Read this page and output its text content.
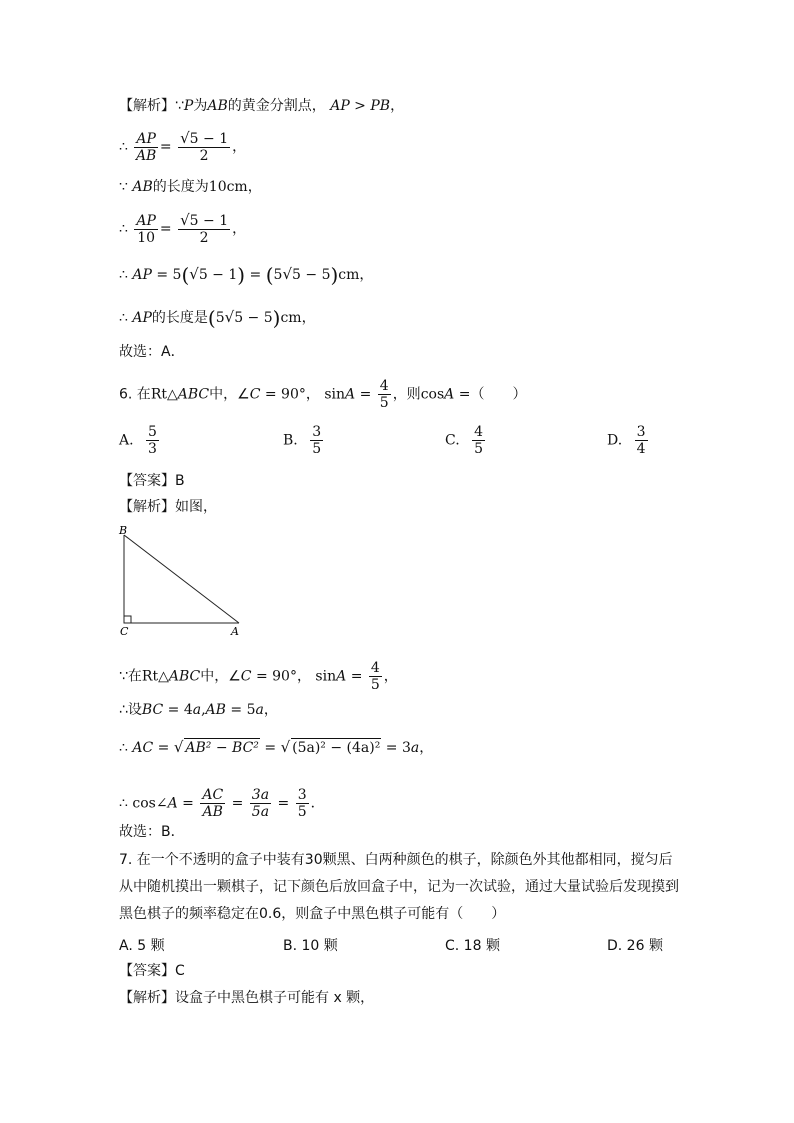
【解析】∵P为AB的黄金分割点， AP > PB，
∴ $\frac{AP}{AB} = \frac{√5 - 1}{2}$ ，
∵ AB的长度为10cm，
∴ $\frac{AP}{10} = \frac{√5 - 1}{2}$ ，
∴ AP = 5(√5 − 1) = (5√5 − 5)cm，
∴ AP的长度是(5√5 − 5)cm，
故选：A．
6. 在Rt△ABC中，∠C = 90°， $\sin A = \frac{4}{5}$ ，则cosA =（　　）
A. $\frac{5}{3}$	B. $\frac{3}{5}$	C. $\frac{4}{5}$	D. $\frac{3}{4}$
【答案】B
【解析】如图，
B
C	A
∵在Rt△ABC中，∠C = 90°， $\sin A = \frac{4}{5}$ ，
∴设BC = 4a,AB = 5a，
∴ AC = √ AB² − BC² = √ (5a)² − (4a)² = 3a，
∴ cos∠A = $\frac{AC}{AB} = \frac{3a}{5a} = \frac{3}{5}$ ．
故选：B．
7. 在一个不透明的盒子中装有30颗黑、白两种颜色的棋子，除颜色外其他都相同，搅匀后
从中随机摸出一颗棋子，记下颜色后放回盒子中，记为一次试验，通过大量试验后发现摸到
黑色棋子的频率稳定在0.6，则盒子中黑色棋子可能有（　　）
A. 5 颗	B. 10 颗	C. 18 颗	D. 26 颗
【答案】C
【解析】设盒子中黑色棋子可能有 x 颗，
